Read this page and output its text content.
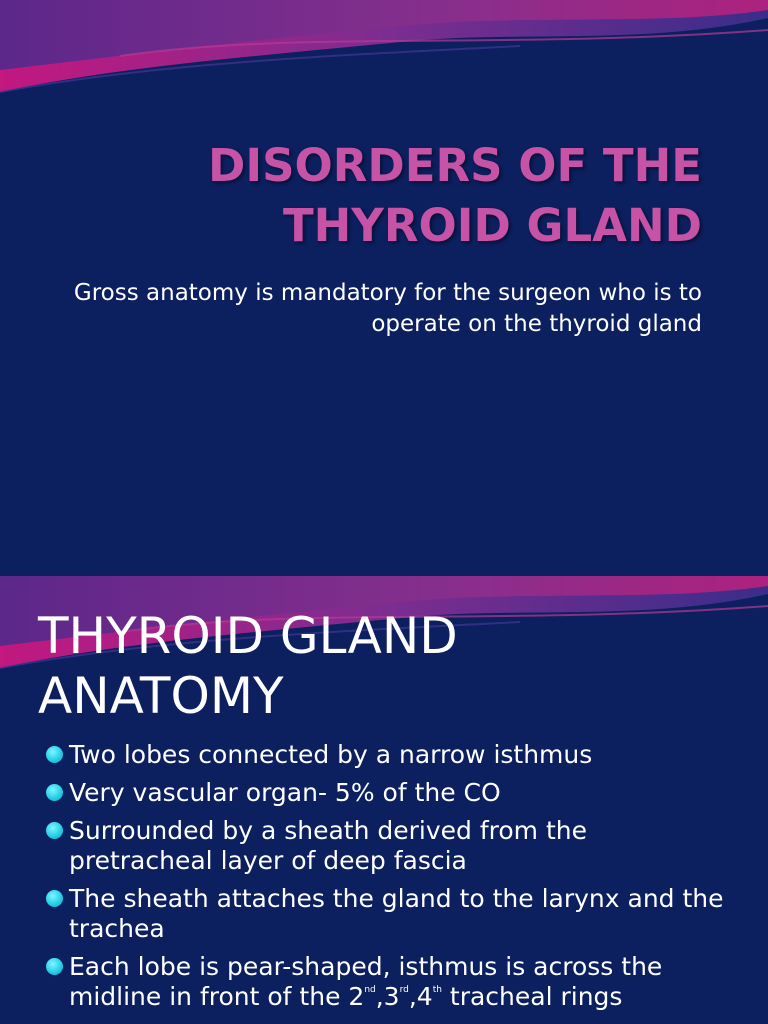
DISORDERS OF THE
THYROID GLAND

Gross anatomy is mandatory for the surgeon who is to operate on the thyroid gland

THYROID GLAND
ANATOMY
Two lobes connected by a narrow isthmus
Very vascular organ- 5% of the CO
Surrounded by a sheath derived from the pretracheal layer of deep fascia
The sheath attaches the gland to the larynx and the trachea
Each lobe is pear-shaped, isthmus is across the midline in front of the 2nd,3rd,4th tracheal rings
